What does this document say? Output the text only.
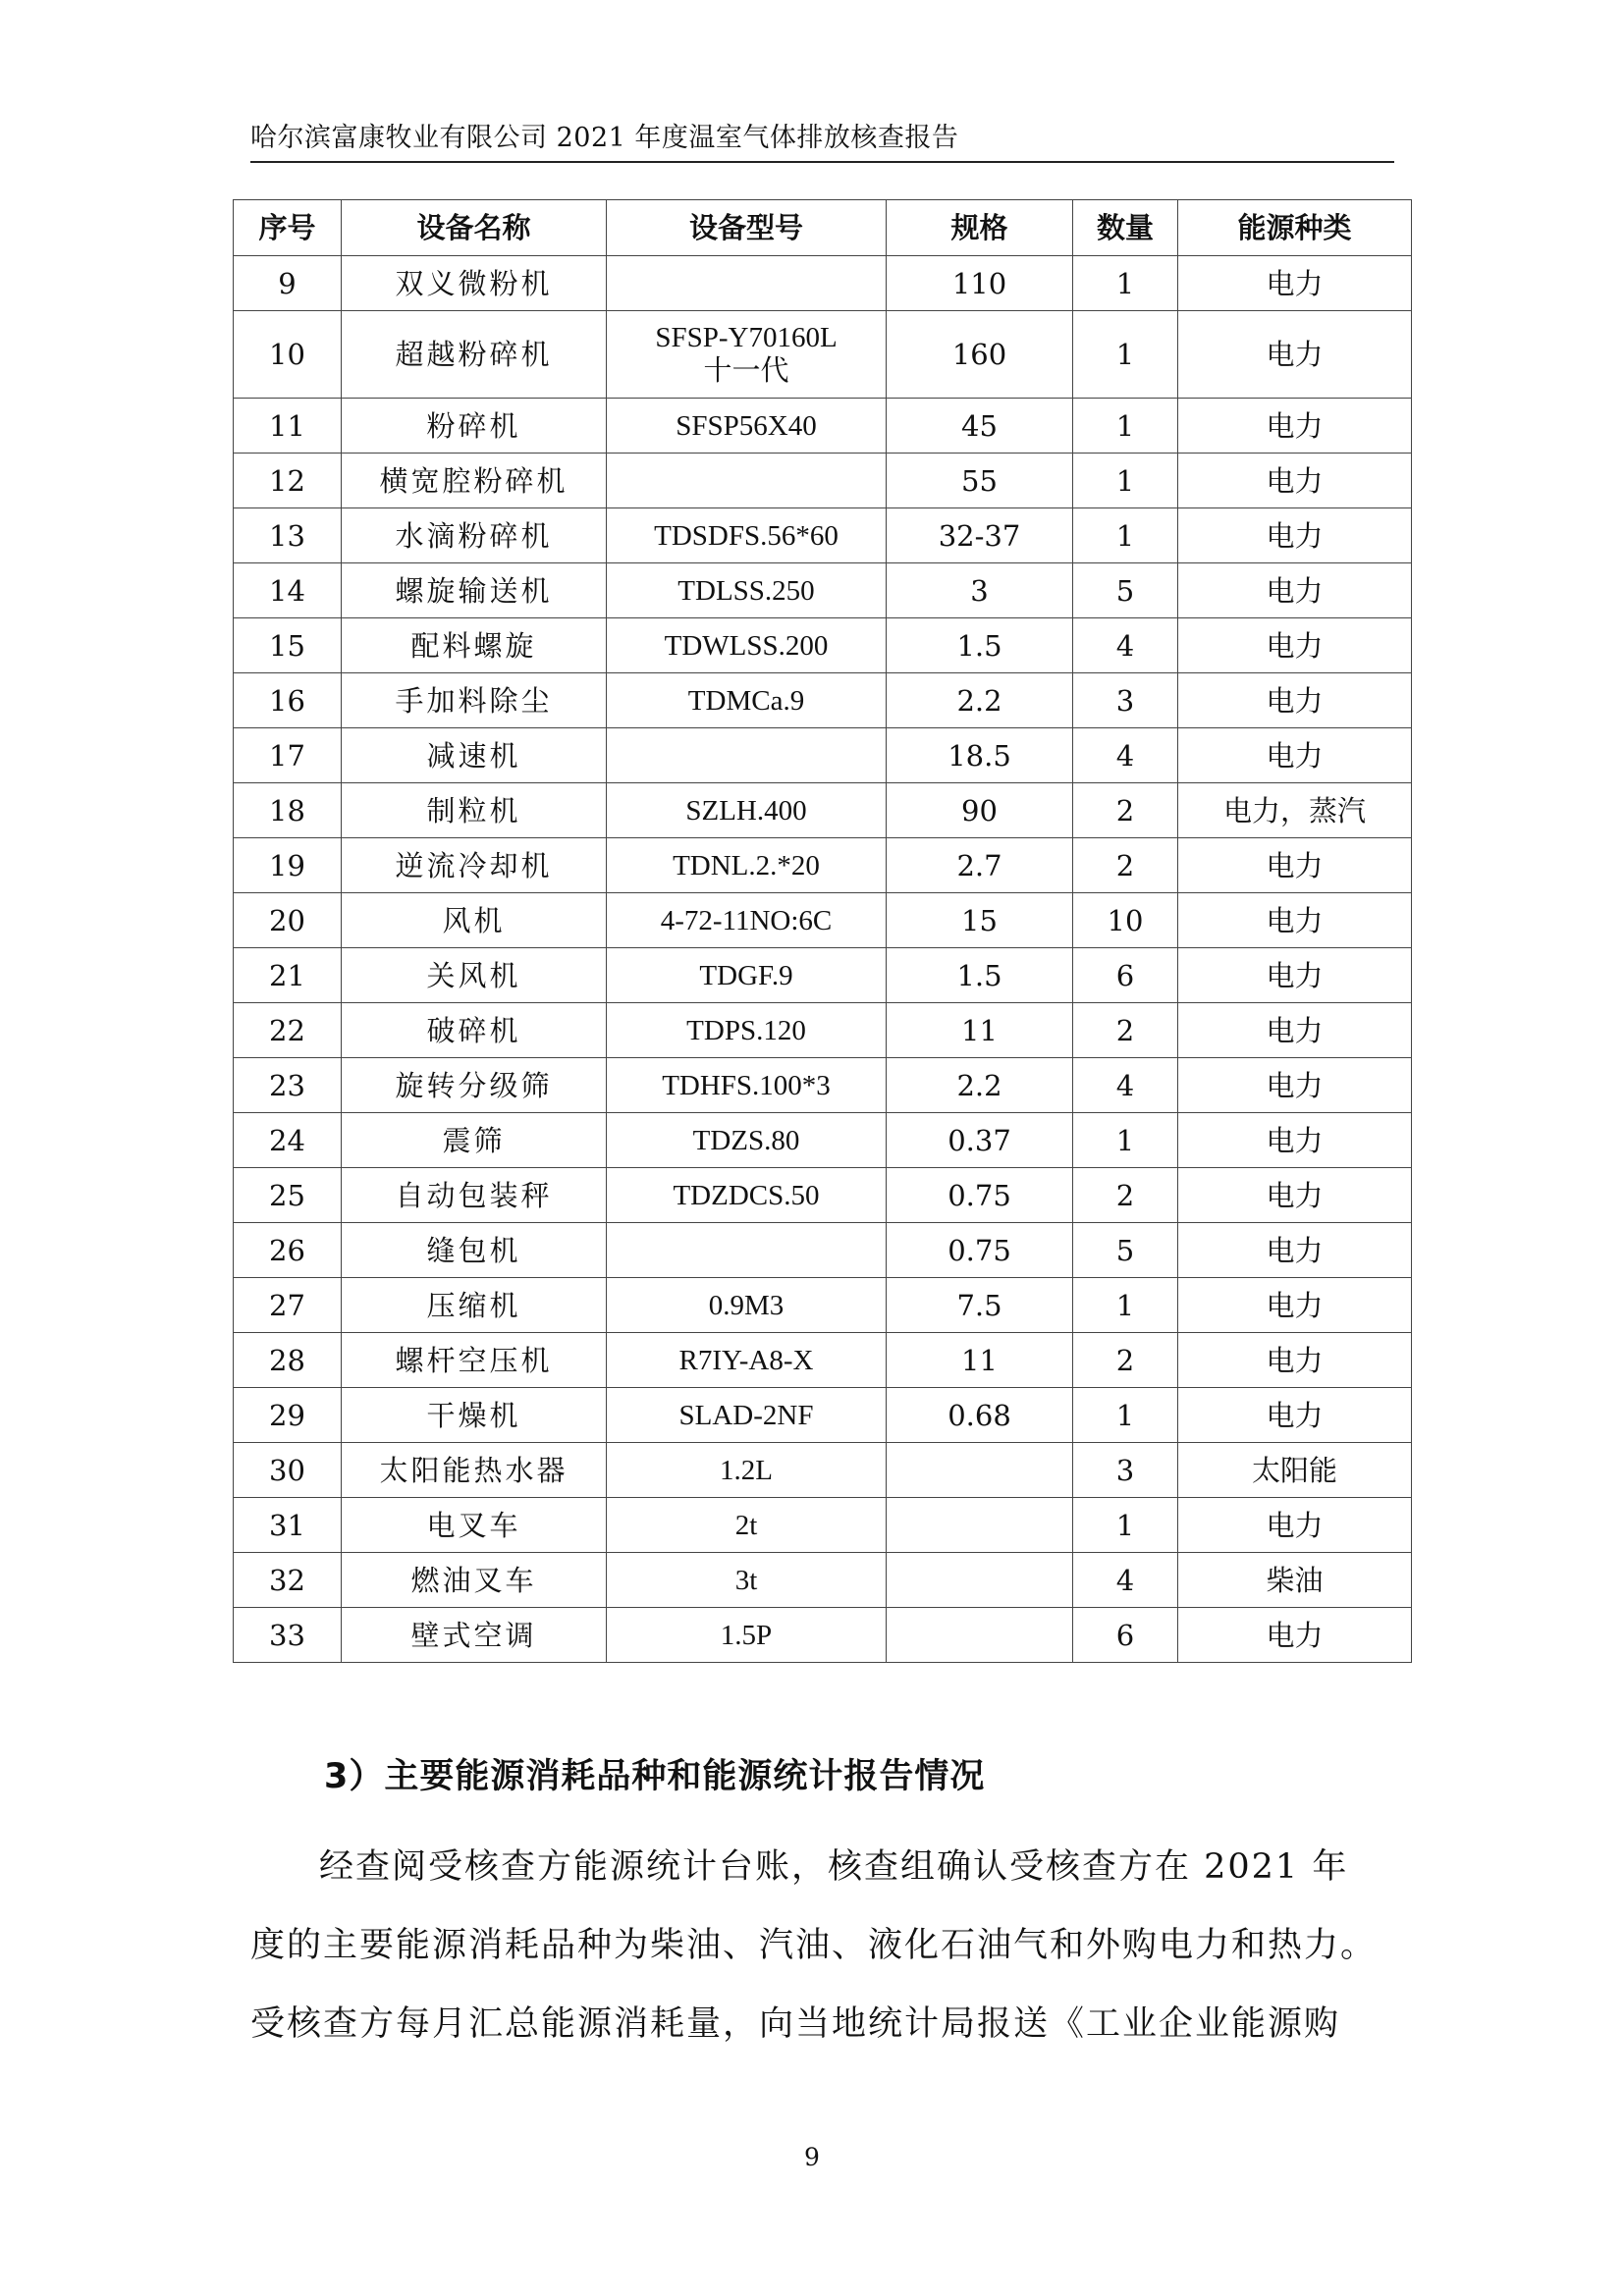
哈尔滨富康牧业有限公司 2021 年度温室气体排放核查报告
序号	设备名称	设备型号	规格	数量	能源种类
9	双义微粉机		110	1	电力
10	超越粉碎机	SFSP-Y70160L
十一代	160	1	电力
11	粉碎机	SFSP56X40	45	1	电力
12	横宽腔粉碎机		55	1	电力
13	水滴粉碎机	TDSDFS.56*60	32-37	1	电力
14	螺旋输送机	TDLSS.250	3	5	电力
15	配料螺旋	TDWLSS.200	1.5	4	电力
16	手加料除尘	TDMCa.9	2.2	3	电力
17	减速机		18.5	4	电力
18	制粒机	SZLH.400	90	2	电力，蒸汽
19	逆流冷却机	TDNL.2.*20	2.7	2	电力
20	风机	4-72-11NO:6C	15	10	电力
21	关风机	TDGF.9	1.5	6	电力
22	破碎机	TDPS.120	11	2	电力
23	旋转分级筛	TDHFS.100*3	2.2	4	电力
24	震筛	TDZS.80	0.37	1	电力
25	自动包装秤	TDZDCS.50	0.75	2	电力
26	缝包机		0.75	5	电力
27	压缩机	0.9M3	7.5	1	电力
28	螺杆空压机	R7IY-A8-X	11	2	电力
29	干燥机	SLAD-2NF	0.68	1	电力
30	太阳能热水器	1.2L		3	太阳能
31	电叉车	2t		1	电力
32	燃油叉车	3t		4	柴油
33	壁式空调	1.5P		6	电力
3）主要能源消耗品种和能源统计报告情况
经查阅受核查方能源统计台账，核查组确认受核查方在 2021 年
度的主要能源消耗品种为柴油、汽油、液化石油气和外购电力和热力。
受核查方每月汇总能源消耗量，向当地统计局报送《工业企业能源购
9
